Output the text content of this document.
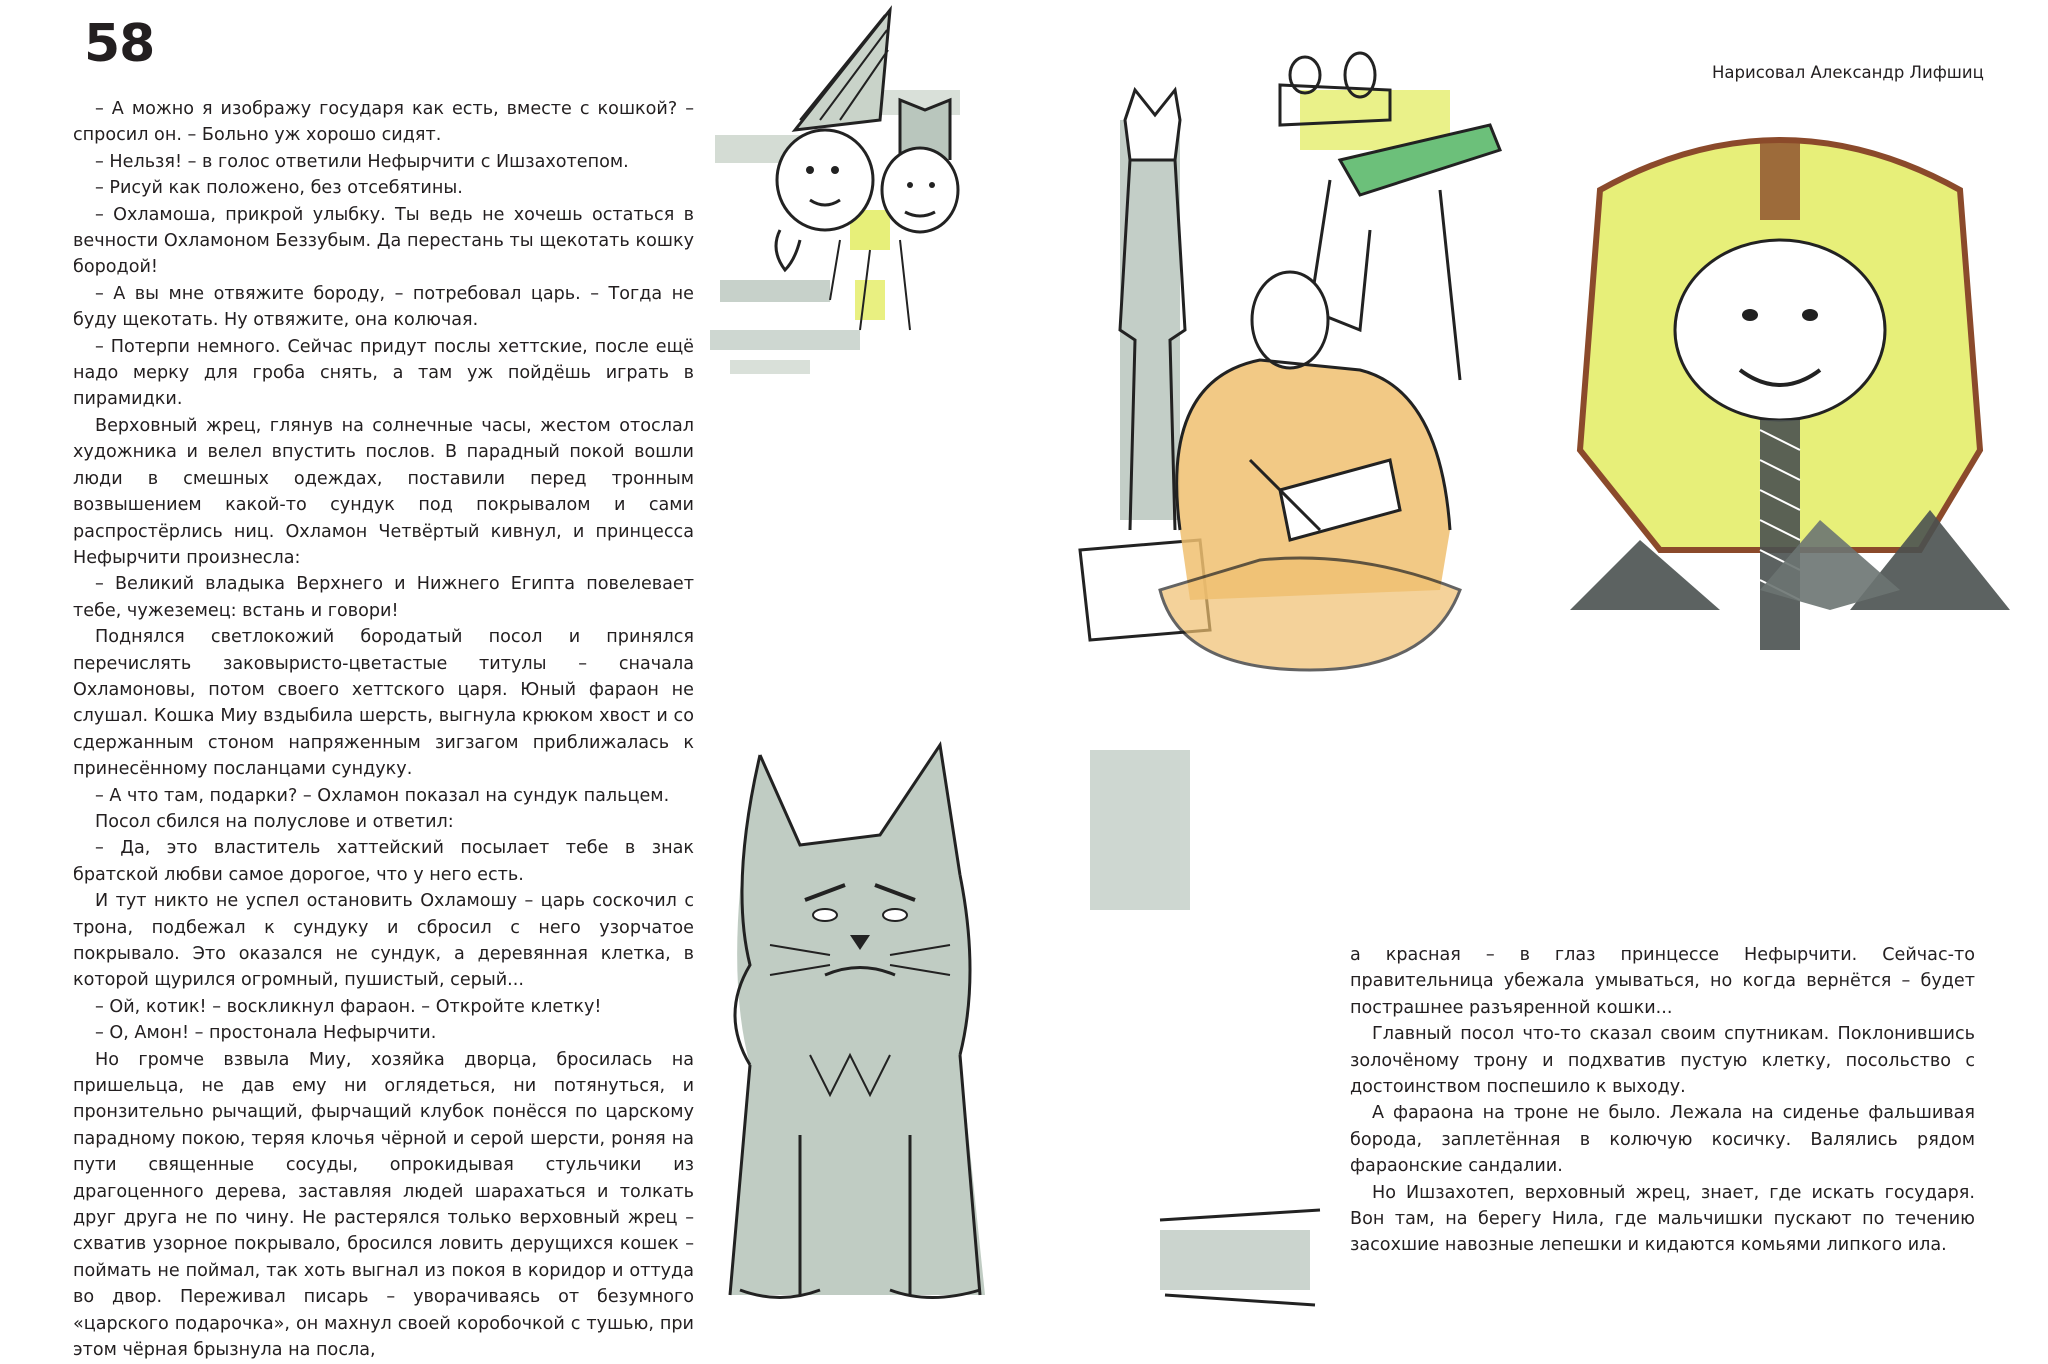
58	Нарисовал Александр Лифшиц

– А можно я изображу государя как есть, вместе с кошкой? – спросил он. – Больно уж хорошо сидят.

– Нельзя! – в голос ответили Нефырчити с Ишзахотепом.

– Рисуй как положено, без отсебятины.

– Охламоша, прикрой улыбку. Ты ведь не хочешь остаться в вечности Охламоном Беззубым. Да перестань ты щекотать кошку бородой!

– А вы мне отвяжите бороду, – потребовал царь. – Тогда не буду щекотать. Ну отвяжите, она колючая.

– Потерпи немного. Сейчас придут послы хеттские, после ещё надо мерку для гроба снять, а там уж пойдёшь играть в пирамидки.

Верховный жрец, глянув на солнечные часы, жестом отослал художника и велел впустить послов. В парадный покой вошли люди в смешных одеждах, поставили перед тронным возвышением какой-то сундук под покрывалом и сами распростёрлись ниц. Охламон Четвёртый кивнул, и принцесса Нефырчити произнесла:

– Великий владыка Верхнего и Нижнего Египта повелевает тебе, чужеземец: встань и говори!

Поднялся светлокожий бородатый посол и принялся перечислять заковыристо-цветастые титулы – сначала Охламоновы, потом своего хеттского царя. Юный фараон не слушал. Кошка Миу вздыбила шерсть, выгнула крюком хвост и со сдержанным стоном напряженным зигзагом приближалась к принесённому посланцами сундуку.

– А что там, подарки? – Охламон показал на сундук пальцем.

Посол сбился на полуслове и ответил:

– Да, это властитель хаттейский посылает тебе в знак братской любви самое дорогое, что у него есть.

И тут никто не успел остановить Охламошу – царь соскочил с трона, подбежал к сундуку и сбросил с него узорчатое покрывало. Это оказался не сундук, а деревянная клетка, в которой щурился огромный, пушистый, серый...

– Ой, котик! – воскликнул фараон. – Откройте клетку!

– О, Амон! – простонала Нефырчити.

Но громче взвыла Миу, хозяйка дворца, бросилась на пришельца, не дав ему ни оглядеться, ни потянуться, и пронзительно рычащий, фырчащий клубок понёсся по царскому парадному покою, теряя клочья чёрной и серой шерсти, роняя на пути священные сосуды, опрокидывая стульчики из драгоценного дерева, заставляя людей шарахаться и толкать друг друга не по чину. Не растерялся только верховный жрец – схватив узорное покрывало, бросился ловить дерущихся кошек – поймать не поймал, так хоть выгнал из покоя в коридор и оттуда во двор. Переживал писарь – уворачиваясь от безумного «царского подарочка», он махнул своей коробочкой с тушью, при этом чёрная брызнула на посла,

а красная – в глаз принцессе Нефырчити. Сейчас-то правительница убежала умываться, но когда вернётся – будет пострашнее разъяренной кошки...

Главный посол что-то сказал своим спутникам. Поклонившись золочёному трону и подхватив пустую клетку, посольство с достоинством поспешило к выходу.

А фараона на троне не было. Лежала на сиденье фальшивая борода, заплетённая в колючую косичку. Валялись рядом фараонские сандалии.

Но Ишзахотеп, верховный жрец, знает, где искать государя. Вон там, на берегу Нила, где мальчишки пускают по течению засохшие навозные лепешки и кидаются комьями липкого ила.
